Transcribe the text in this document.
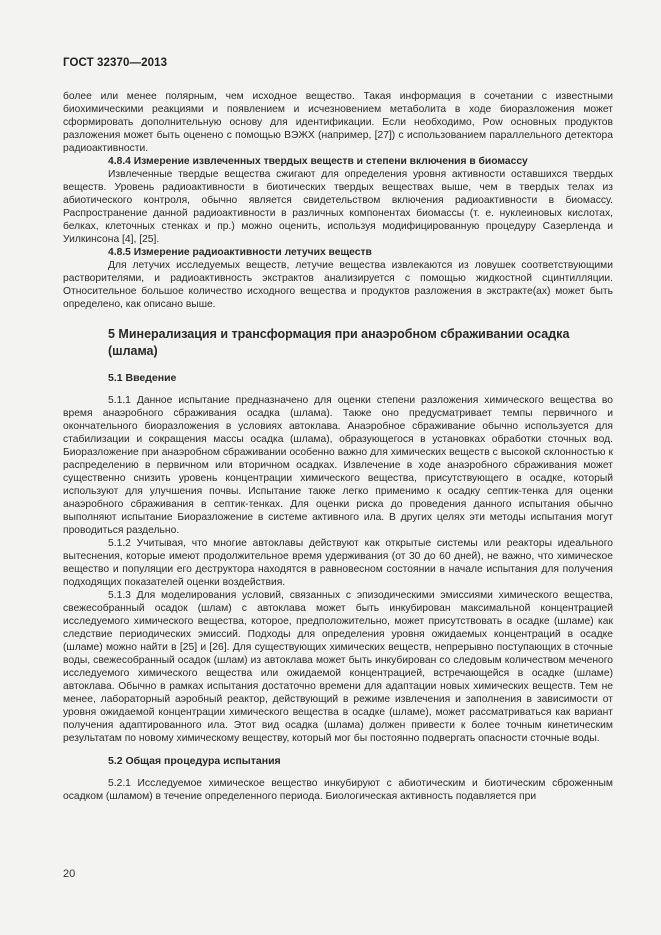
ГОСТ 32370—2013

более или менее полярным, чем исходное вещество. Такая информация в сочетании с известными биохимическими реакциями и появлением и исчезновением метаболита в ходе биоразложения может сформировать дополнительную основу для идентификации. Если необходимо, Pow основных продуктов разложения может быть оценено с помощью ВЭЖХ (например, [27]) с использованием параллельного детектора радиоактивности.

4.8.4 Измерение извлеченных твердых веществ и степени включения в биомассу

Извлеченные твердые вещества сжигают для определения уровня активности оставшихся твердых веществ. Уровень радиоактивности в биотических твердых веществах выше, чем в твердых телах из абиотического контроля, обычно является свидетельством включения радиоактивности в биомассу. Распространение данной радиоактивности в различных компонентах биомассы (т. е. нуклеиновых кислотах, белках, клеточных стенках и пр.) можно оценить, используя модифицированную процедуру Сазерленда и Уилкинсона [4], [25].

4.8.5 Измерение радиоактивности летучих веществ

Для летучих исследуемых веществ, летучие вещества извлекаются из ловушек соответствующими растворителями, и радиоактивность экстрактов анализируется с помощью жидкостной сцинтилляции. Относительное большое количество исходного вещества и продуктов разложения в экстракте(ах) может быть определено, как описано выше.

5 Минерализация и трансформация при анаэробном сбраживании осадка (шлама)
5.1 Введение

5.1.1 Данное испытание предназначено для оценки степени разложения химического вещества во время анаэробного сбраживания осадка (шлама). Также оно предусматривает темпы первичного и окончательного биоразложения в условиях автоклава. Анаэробное сбраживание обычно используется для стабилизации и сокращения массы осадка (шлама), образующегося в установках обработки сточных вод. Биоразложение при анаэробном сбраживании особенно важно для химических веществ с высокой склонностью к распределению в первичном или вторичном осадках. Извлечение в ходе анаэробного сбраживания может существенно снизить уровень концентрации химического вещества, присутствующего в осадке, который используют для улучшения почвы. Испытание также легко применимо к осадку септик-тенка для оценки анаэробного сбраживания в септик-тенках. Для оценки риска до проведения данного испытания обычно выполняют испытание Биоразложение в системе активного ила. В других целях эти методы испытания могут проводиться раздельно.

5.1.2 Учитывая, что многие автоклавы действуют как открытые системы или реакторы идеального вытеснения, которые имеют продолжительное время удерживания (от 30 до 60 дней), не важно, что химическое вещество и популяции его деструктора находятся в равновесном состоянии в начале испытания для получения подходящих показателей оценки воздействия.

5.1.3 Для моделирования условий, связанных с эпизодическими эмиссиями химического вещества, свежесобранный осадок (шлам) с автоклава может быть инкубирован максимальной концентрацией исследуемого химического вещества, которое, предположительно, может присутствовать в осадке (шламе) как следствие периодических эмиссий. Подходы для определения уровня ожидаемых концентраций в осадке (шламе) можно найти в [25] и [26]. Для существующих химических веществ, непрерывно поступающих в сточные воды, свежесобранный осадок (шлам) из автоклава может быть инкубирован со следовым количеством меченого исследуемого химического вещества или ожидаемой концентрацией, встречающейся в осадке (шламе) автоклава. Обычно в рамках испытания достаточно времени для адаптации новых химических веществ. Тем не менее, лабораторный аэробный реактор, действующий в режиме извлечения и заполнения в зависимости от уровня ожидаемой концентрации химического вещества в осадке (шламе), может рассматриваться как вариант получения адаптированного ила. Этот вид осадка (шлама) должен привести к более точным кинетическим результатам по новому химическому веществу, который мог бы постоянно подвергать опасности сточные воды.

5.2 Общая процедура испытания

5.2.1 Исследуемое химическое вещество инкубируют с абиотическим и биотическим сброженным осадком (шламом) в течение определенного периода. Биологическая активность подавляется при

20
